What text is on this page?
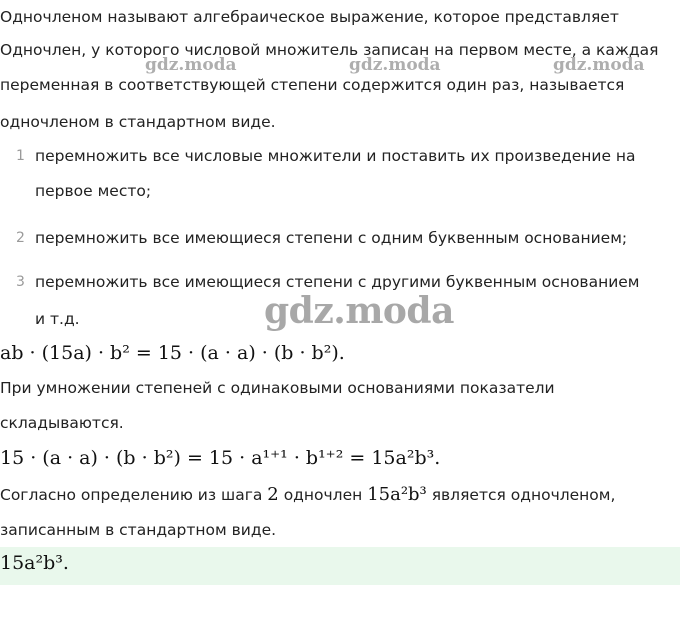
Одночленом называют алгебраическое выражение, которое представляет
Одночлен, у которого числовой множитель записан на первом месте, а каждая
переменная в соответствующей степени содержится один раз, называется
одночленом в стандартном виде.
gdz.moda	gdz.moda	gdz.moda
1 перемножить все числовые множители и поставить их произведение на
первое место;
2 перемножить все имеющиеся степени с одним буквенным основанием;
3 перемножить все имеющиеся степени с другими буквенным основанием
и т.д.	gdz.moda
ab · (15a) · b² = 15 · (a · a) · (b · b²).
При умножении степеней с одинаковыми основаниями показатели
складываются.
15 · (a · a) · (b · b²) = 15 · a¹⁺¹ · b¹⁺² = 15a²b³.
Согласно определению из шага 2 одночлен 15a²b³ является одночленом,
записанным в стандартном виде.
15a²b³.
